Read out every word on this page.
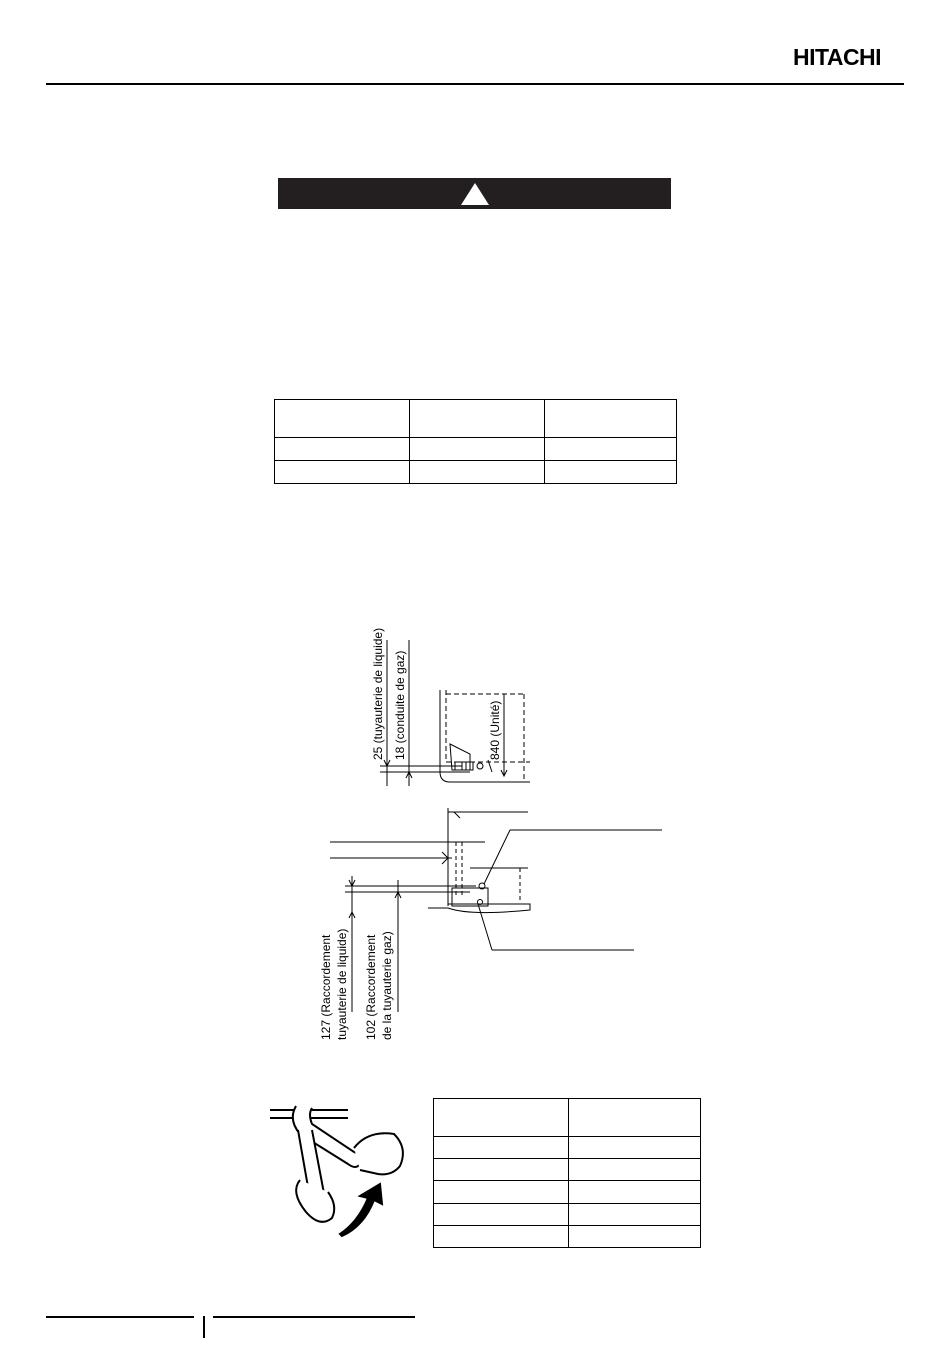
HITACHI

25 (tuyauterie de liquide) 18 (conduite de gaz)	840 (Unité)
127 (Raccordement tuyauterie de liquide) 102 (Raccordement de la tuyauterie gaz)
